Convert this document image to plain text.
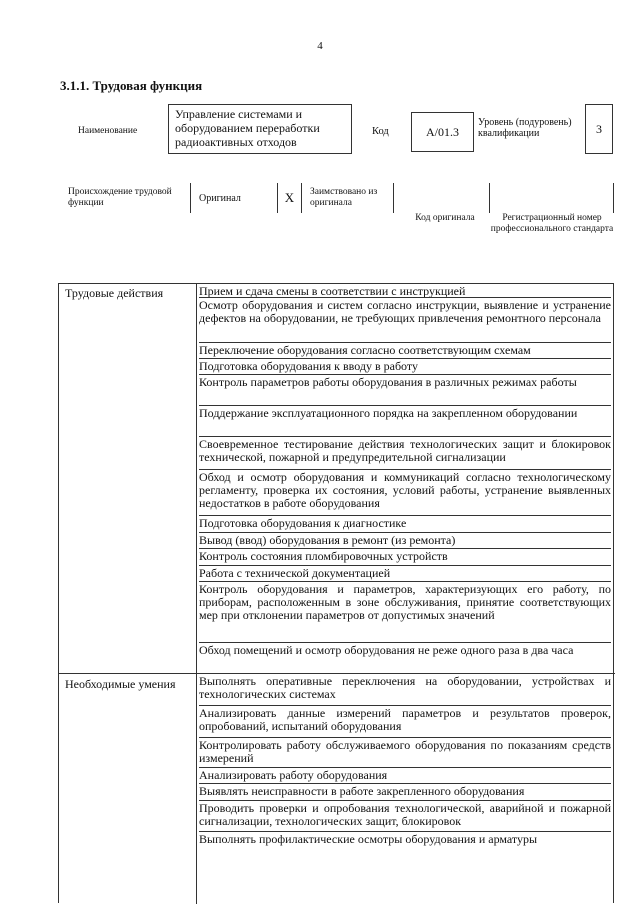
4
3.1.1. Трудовая функция
Наименование
Управление системами и оборудованием переработки радиоактивных отходов
Код	A/01.3
Уровень (подуровень) квалификации	3
Происхождение трудовой функции	Оригинал	X	Заимствовано из оригинала
Код оригинала	Регистрационный номер профессионального стандарта
Трудовые действия	Прием и сдача смены в соответствии с инструкцией
Осмотр оборудования и систем согласно инструкции, выявление и устранение дефектов на оборудовании, не требующих привлечения ремонтного персонала
Переключение оборудования согласно соответствующим схемам
Подготовка оборудования к вводу в работу
Контроль параметров работы оборудования в различных режимах работы
Поддержание эксплуатационного порядка на закрепленном оборудовании
Своевременное тестирование действия технологических защит и блокировок технической, пожарной и предупредительной сигнализации
Обход и осмотр оборудования и коммуникаций согласно технологическому регламенту, проверка их состояния, условий работы, устранение выявленных недостатков в работе оборудования
Подготовка оборудования к диагностике
Вывод (ввод) оборудования в ремонт (из ремонта)
Контроль состояния пломбировочных устройств
Работа с технической документацией
Контроль оборудования и параметров, характеризующих его работу, по приборам, расположенным в зоне обслуживания, принятие соответствующих мер при отклонении параметров от допустимых значений
Обход помещений и осмотр оборудования не реже одного раза в два часа
Необходимые умения	Выполнять оперативные переключения на оборудовании, устройствах и технологических системах
Анализировать данные измерений параметров и результатов проверок, опробований, испытаний оборудования
Контролировать работу обслуживаемого оборудования по показаниям средств измерений
Анализировать работу оборудования
Выявлять неисправности в работе закрепленного оборудования
Проводить проверки и опробования технологической, аварийной и пожарной сигнализации, технологических защит, блокировок
Выполнять профилактические осмотры оборудования и арматуры
